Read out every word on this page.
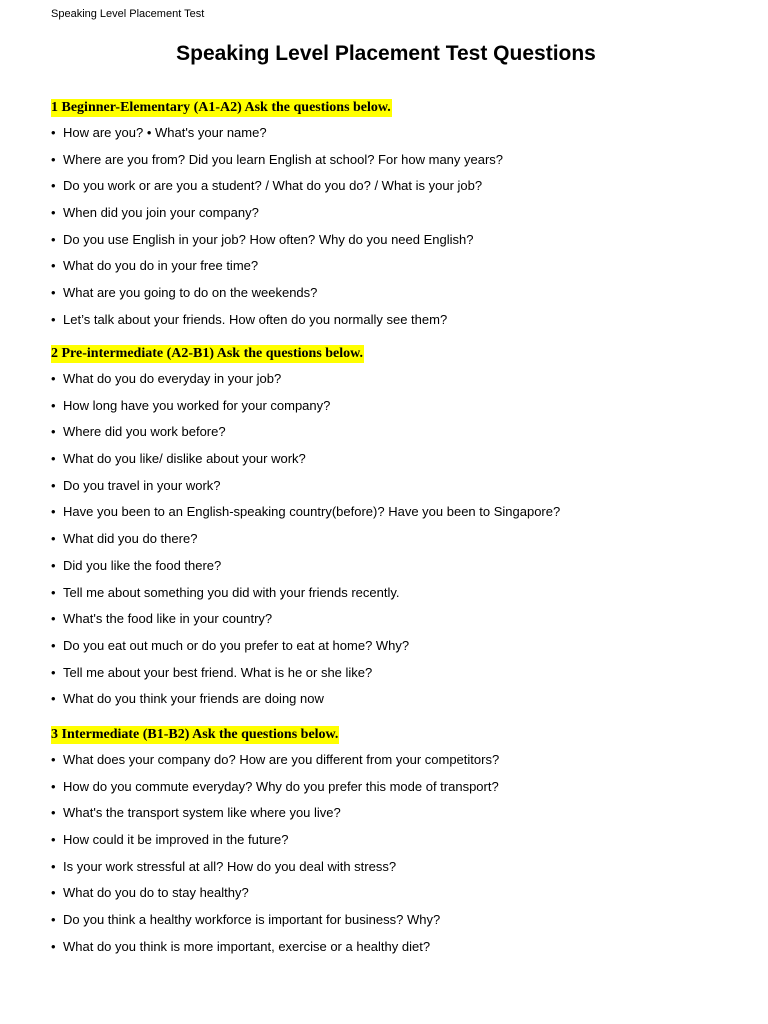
Speaking Level Placement Test
Speaking Level Placement Test Questions
1 Beginner-Elementary (A1-A2) Ask the questions below.
• How are you? • What's your name?
• Where are you from? Did you learn English at school? For how many years?
• Do you work or are you a student? / What do you do? / What is your job?
• When did you join your company?
• Do you use English in your job? How often? Why do you need English?
• What do you do in your free time?
• What are you going to do on the weekends?
• Let’s talk about your friends. How often do you normally see them?
2 Pre-intermediate (A2-B1) Ask the questions below.
• What do you do everyday in your job?
• How long have you worked for your company?
• Where did you work before?
• What do you like/ dislike about your work?
• Do you travel in your work?
• Have you been to an English-speaking country(before)? Have you been to Singapore?
• What did you do there?
• Did you like the food there?
• Tell me about something you did with your friends recently.
• What's the food like in your country?
• Do you eat out much or do you prefer to eat at home? Why?
• Tell me about your best friend. What is he or she like?
• What do you think your friends are doing now
3 Intermediate (B1-B2) Ask the questions below.
• What does your company do? How are you different from your competitors?
• How do you commute everyday? Why do you prefer this mode of transport?
• What's the transport system like where you live?
• How could it be improved in the future?
• Is your work stressful at all? How do you deal with stress?
• What do you do to stay healthy?
• Do you think a healthy workforce is important for business? Why?
• What do you think is more important, exercise or a healthy diet?
